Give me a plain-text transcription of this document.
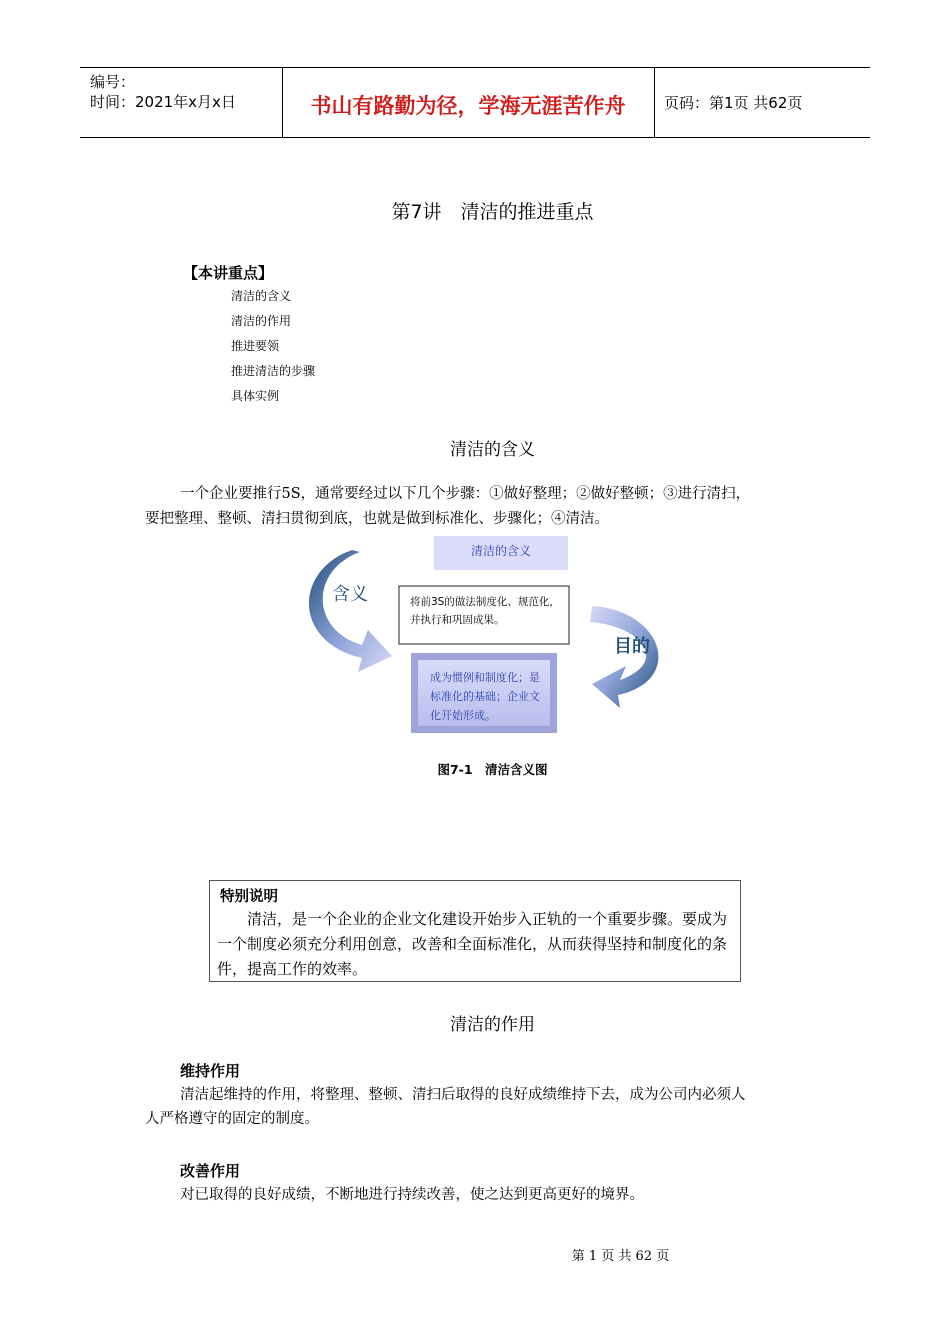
编号：
时间：2021年x月x日	书山有路勤为径，学海无涯苦作舟	页码：第1页 共62页
第7讲　清洁的推进重点
【本讲重点】
清洁的含义
清洁的作用
推进要领
推进清洁的步骤
具体实例
清洁的含义
一个企业要推行5S，通常要经过以下几个步骤：①做好整理；②做好整顿；③进行清扫，
要把整理、整顿、清扫贯彻到底，也就是做到标准化、步骤化；④清洁。
清洁的含义
含义
目的
将前3S的做法制度化、规范化，
并执行和巩固成果。
成为惯例和制度化；是
标准化的基础；企业文
化开始形成。
图7-1　清洁含义图
特别说明
清洁，是一个企业的企业文化建设开始步入正轨的一个重要步骤。要成为一个制度必须充分利用创意，改善和全面标准化，从而获得坚持和制度化的条件，提高工作的效率。
清洁的作用
维持作用
清洁起维持的作用，将整理、整顿、清扫后取得的良好成绩维持下去，成为公司内必须人
人严格遵守的固定的制度。
改善作用
对已取得的良好成绩，不断地进行持续改善，使之达到更高更好的境界。
第 1 页 共 62 页
